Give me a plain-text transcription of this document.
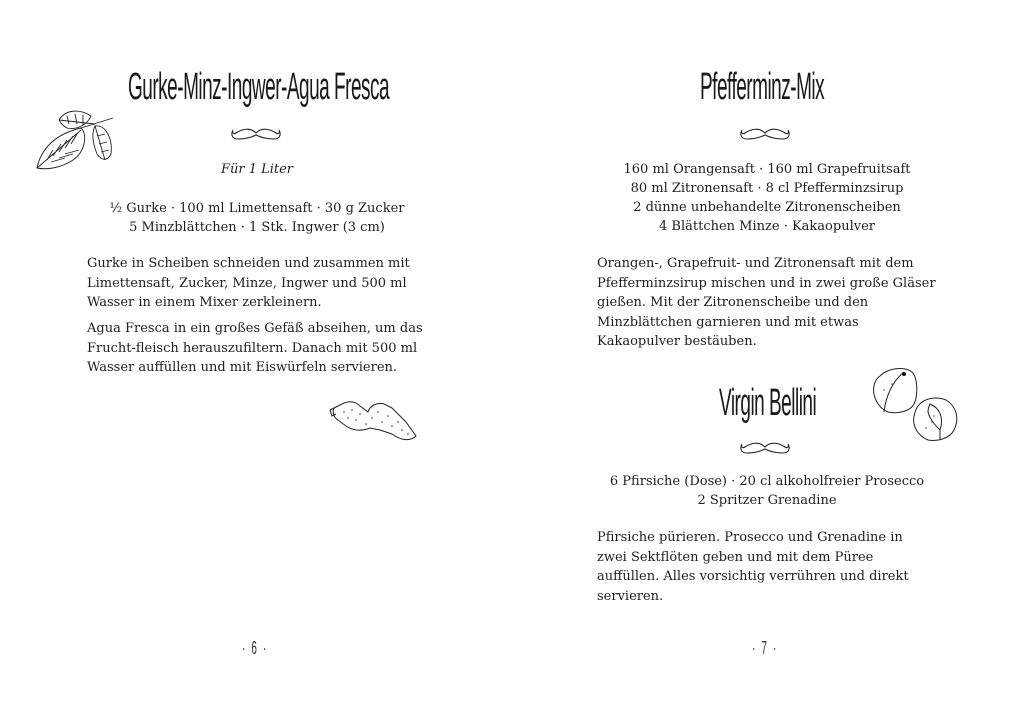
Gurke-Minz-Ingwer-Agua Fresca
Für 1 Liter
½ Gurke · 100 ml Limettensaft · 30 g Zucker
5 Minzblättchen · 1 Stk. Ingwer (3 cm)

Gurke in Scheiben schneiden und zusammen mit Limettensaft, Zucker, Minze, Ingwer und 500 ml Wasser in einem Mixer zerkleinern.

Agua Fresca in ein großes Gefäß abseihen, um das Frucht-fleisch herauszufiltern. Danach mit 500 ml Wasser auffüllen und mit Eiswürfeln servieren.

· 6 ·
Pfefferminz-Mix
160 ml Orangensaft · 160 ml Grapefruitsaft
80 ml Zitronensaft · 8 cl Pfefferminzsirup
2 dünne unbehandelte Zitronenscheiben
4 Blättchen Minze · Kakaopulver

Orangen-, Grapefruit- und Zitronensaft mit dem Pfefferminzsirup mischen und in zwei große Gläser gießen. Mit der Zitronenscheibe und den Minzblättchen garnieren und mit etwas Kakaopulver bestäuben.

Virgin Bellini
6 Pfirsiche (Dose) · 20 cl alkoholfreier Prosecco
2 Spritzer Grenadine

Pfirsiche pürieren. Prosecco und Grenadine in zwei Sektflöten geben und mit dem Püree auffüllen. Alles vorsichtig verrühren und direkt servieren.

· 7 ·
